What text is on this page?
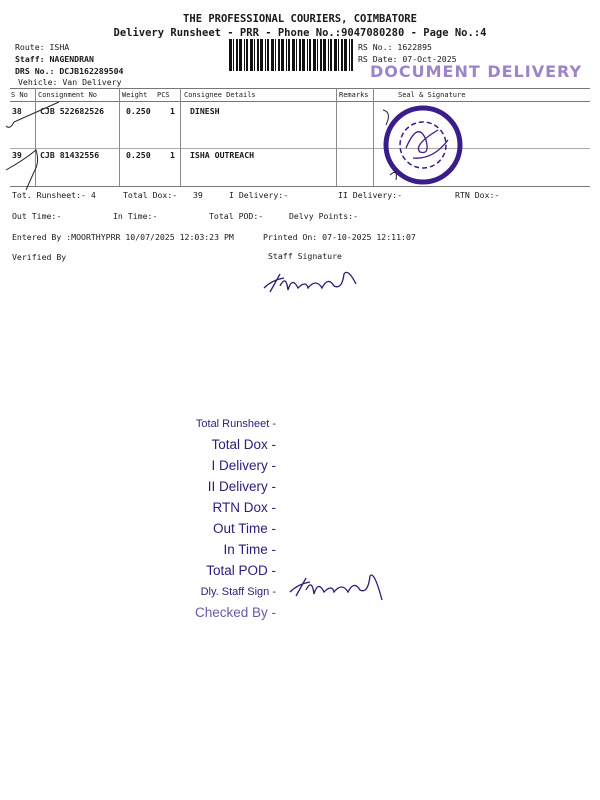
THE PROFESSIONAL COURIERS, COIMBATORE
Delivery Runsheet - PRR - Phone No.:9047080280 - Page No.:4
Route: ISHA
Staff: NAGENDRAN
DRS No.: DCJB162289504
Vehicle: Van Delivery
RS No.: 1622895
RS Date: 07-Oct-2025
DOCUMENT DELIVERY
S No Consignment No	Weight PCS Consignee Details	Remarks	Seal & Signature
38 CJB 522682526	0.250 1 DINESH
39 CJB 81432556	0.250 1 ISHA OUTREACH
Tot. Runsheet:- 4	Total Dox:- 39	I Delivery:-	II Delivery:-	RTN Dox:-
Out Time:-	In Time:-	Total POD:-	Delvy Points:-
Entered By :MOORTHYPRR 10/07/2025 12:03:23 PM	Printed On: 07-10-2025 12:11:07
Verified By	Staff Signature
Total Runsheet -
Total Dox -
I Delivery -
II Delivery -
RTN Dox -
Out Time -
In Time -
Total POD -
Dly. Staff Sign -
Checked By -
